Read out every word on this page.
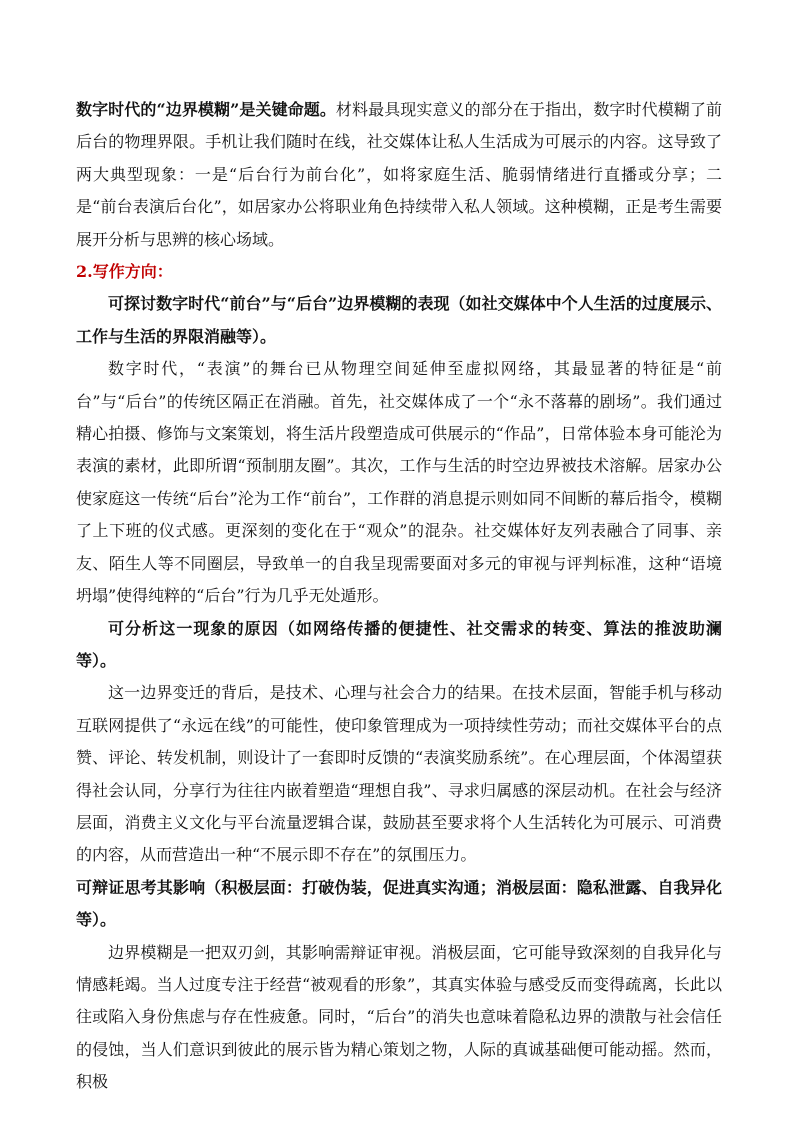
数字时代的“边界模糊”是关键命题。材料最具现实意义的部分在于指出，数字时代模糊了前后台的物理界限。手机让我们随时在线，社交媒体让私人生活成为可展示的内容。这导致了两大典型现象：一是“后台行为前台化”，如将家庭生活、脆弱情绪进行直播或分享；二是“前台表演后台化”，如居家办公将职业角色持续带入私人领域。这种模糊，正是考生需要展开分析与思辨的核心场域。

2.写作方向：

可探讨数字时代“前台”与“后台”边界模糊的表现（如社交媒体中个人生活的过度展示、工作与生活的界限消融等）。

数字时代，“表演”的舞台已从物理空间延伸至虚拟网络，其最显著的特征是“前台”与“后台”的传统区隔正在消融。首先，社交媒体成了一个“永不落幕的剧场”。我们通过精心拍摄、修饰与文案策划，将生活片段塑造成可供展示的“作品”，日常体验本身可能沦为表演的素材，此即所谓“预制朋友圈”。其次，工作与生活的时空边界被技术溶解。居家办公使家庭这一传统“后台”沦为工作“前台”，工作群的消息提示则如同不间断的幕后指令，模糊了上下班的仪式感。更深刻的变化在于“观众”的混杂。社交媒体好友列表融合了同事、亲友、陌生人等不同圈层，导致单一的自我呈现需要面对多元的审视与评判标准，这种“语境坍塌”使得纯粹的“后台”行为几乎无处遁形。

可分析这一现象的原因（如网络传播的便捷性、社交需求的转变、算法的推波助澜等）。

这一边界变迁的背后，是技术、心理与社会合力的结果。在技术层面，智能手机与移动互联网提供了“永远在线”的可能性，使印象管理成为一项持续性劳动；而社交媒体平台的点赞、评论、转发机制，则设计了一套即时反馈的“表演奖励系统”。在心理层面，个体渴望获得社会认同，分享行为往往内嵌着塑造“理想自我”、寻求归属感的深层动机。在社会与经济层面，消费主义文化与平台流量逻辑合谋，鼓励甚至要求将个人生活转化为可展示、可消费的内容，从而营造出一种“不展示即不存在”的氛围压力。

可辩证思考其影响（积极层面：打破伪装，促进真实沟通；消极层面：隐私泄露、自我异化等）。

边界模糊是一把双刃剑，其影响需辩证审视。消极层面，它可能导致深刻的自我异化与情感耗竭。当人过度专注于经营“被观看的形象”，其真实体验与感受反而变得疏离，长此以往或陷入身份焦虑与存在性疲惫。同时，“后台”的消失也意味着隐私边界的溃散与社会信任的侵蚀，当人们意识到彼此的展示皆为精心策划之物，人际的真诚基础便可能动摇。然而，积极
